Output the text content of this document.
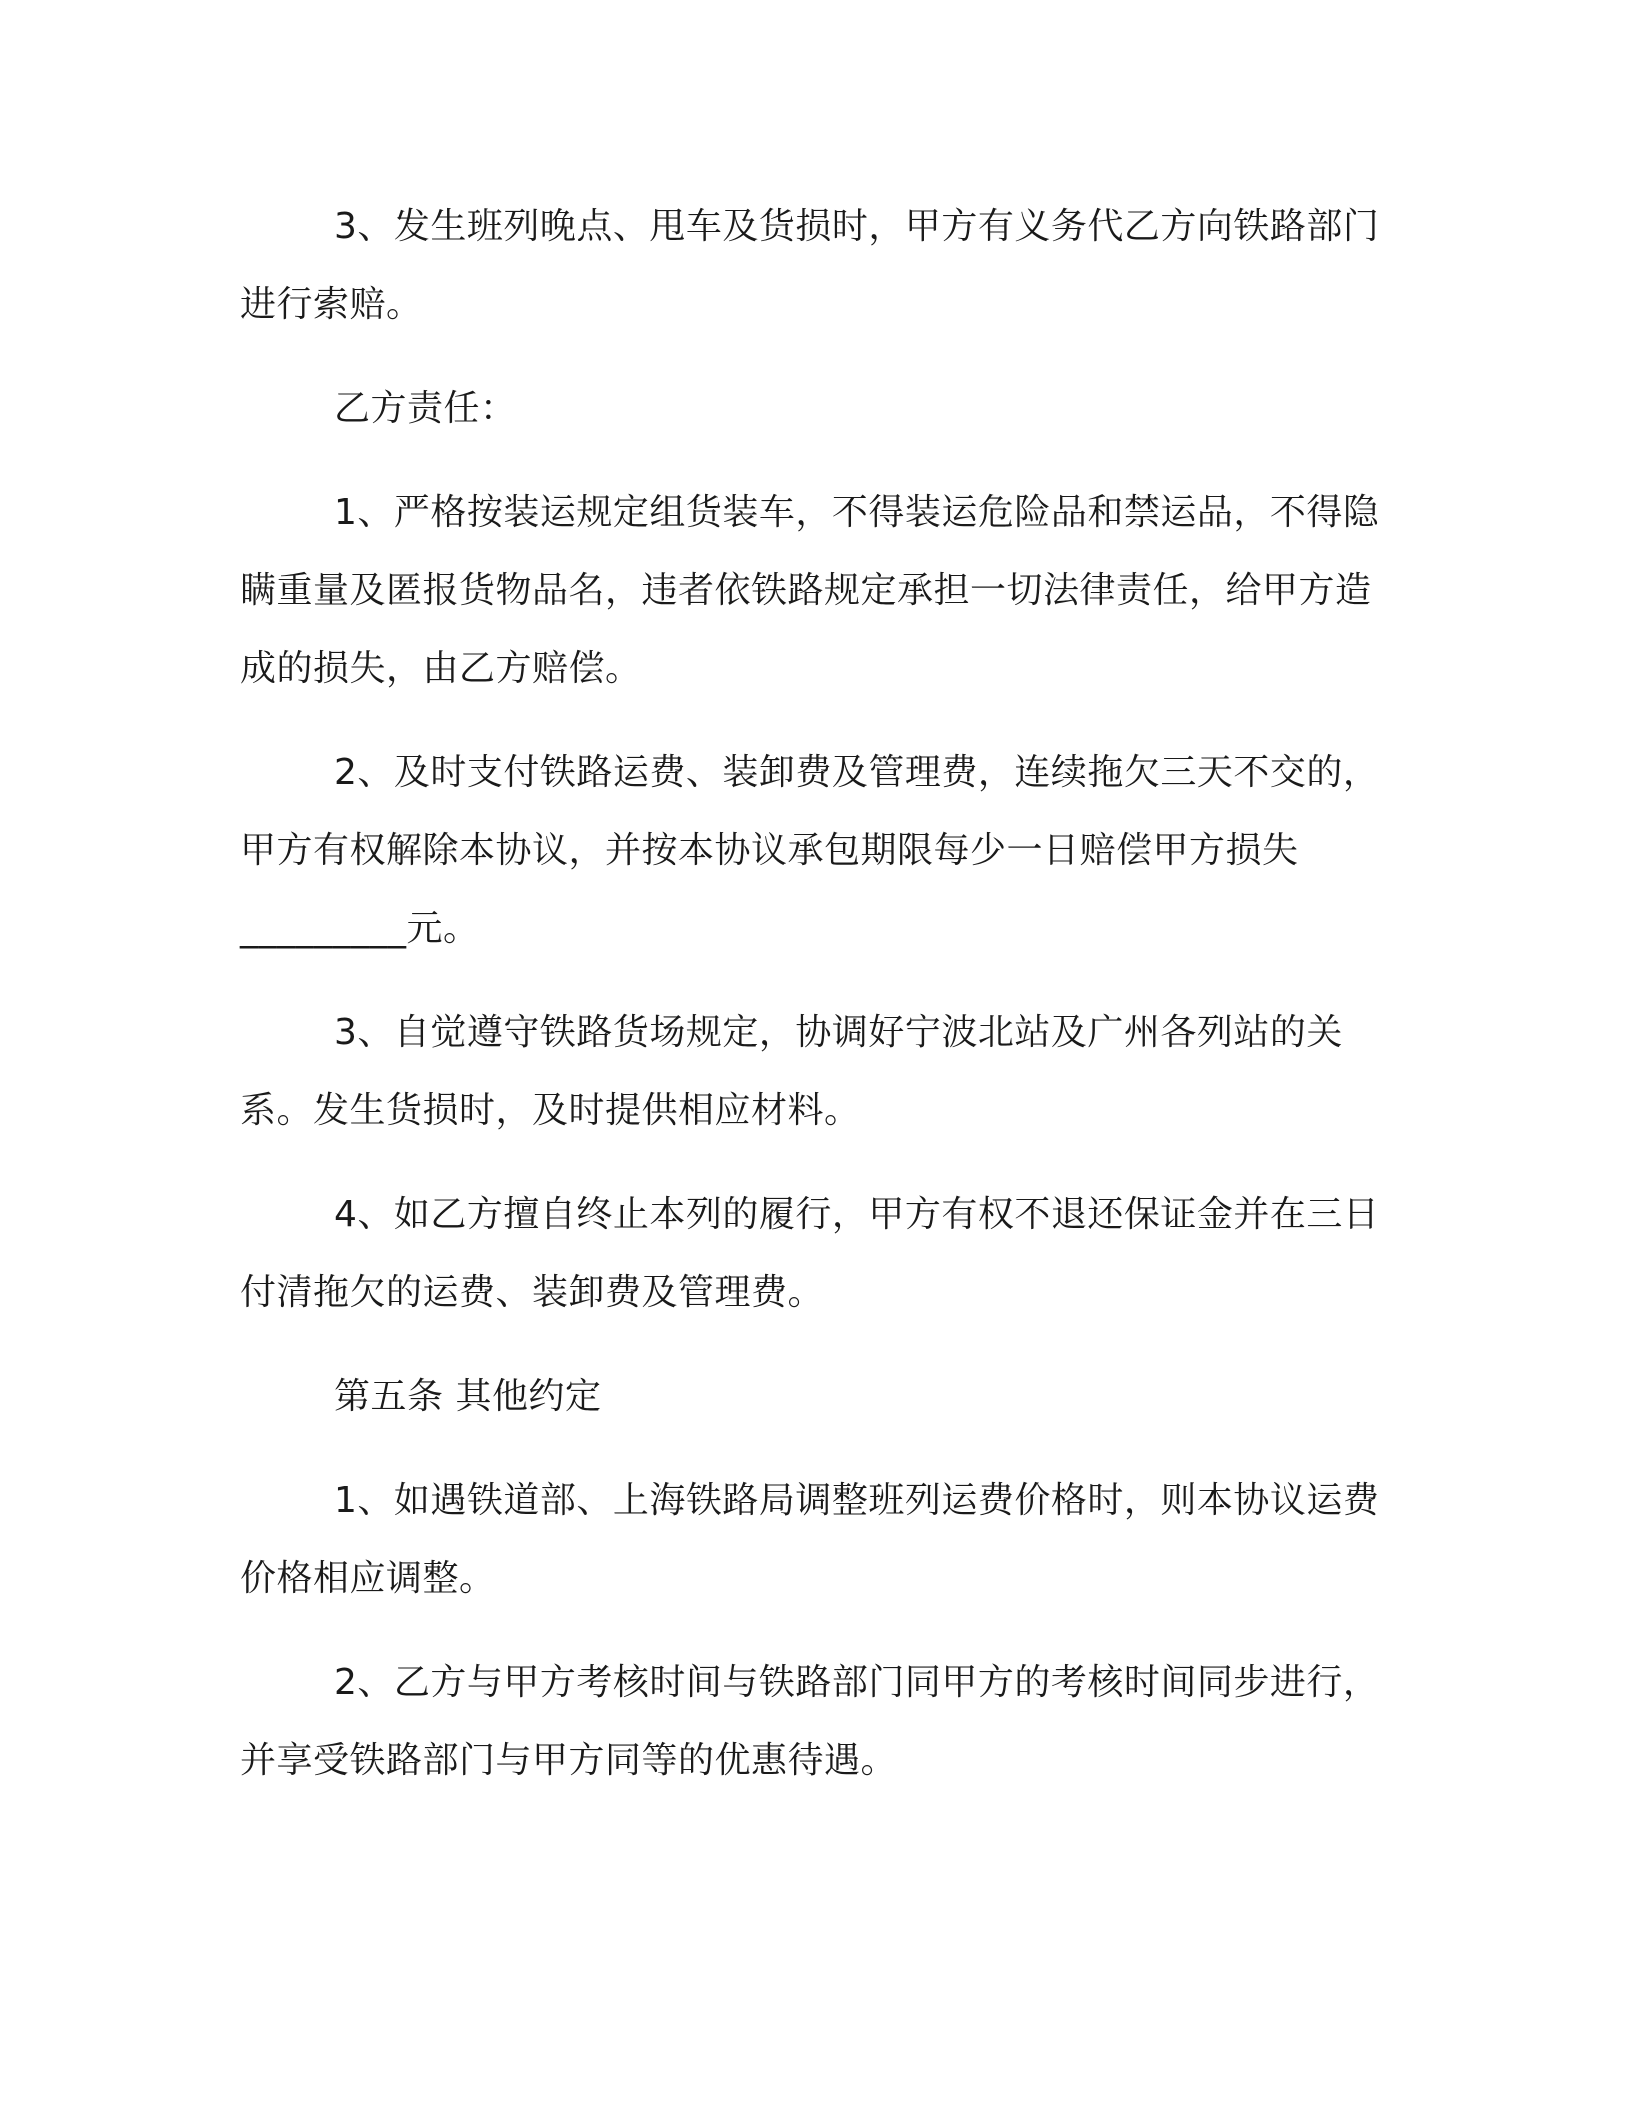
3、发生班列晚点、甩车及货损时，甲方有义务代乙方向铁路部门进行索赔。

乙方责任：

1、严格按装运规定组货装车，不得装运危险品和禁运品，不得隐瞒重量及匿报货物品名，违者依铁路规定承担一切法律责任，给甲方造成的损失，由乙方赔偿。

2、及时支付铁路运费、装卸费及管理费，连续拖欠三天不交的，甲方有权解除本协议，并按本协议承包期限每少一日赔偿甲方损失_________元。

3、自觉遵守铁路货场规定，协调好宁波北站及广州各列站的关系。发生货损时，及时提供相应材料。

4、如乙方擅自终止本列的履行，甲方有权不退还保证金并在三日付清拖欠的运费、装卸费及管理费。

第五条 其他约定

1、如遇铁道部、上海铁路局调整班列运费价格时，则本协议运费价格相应调整。

2、乙方与甲方考核时间与铁路部门同甲方的考核时间同步进行，并享受铁路部门与甲方同等的优惠待遇。
